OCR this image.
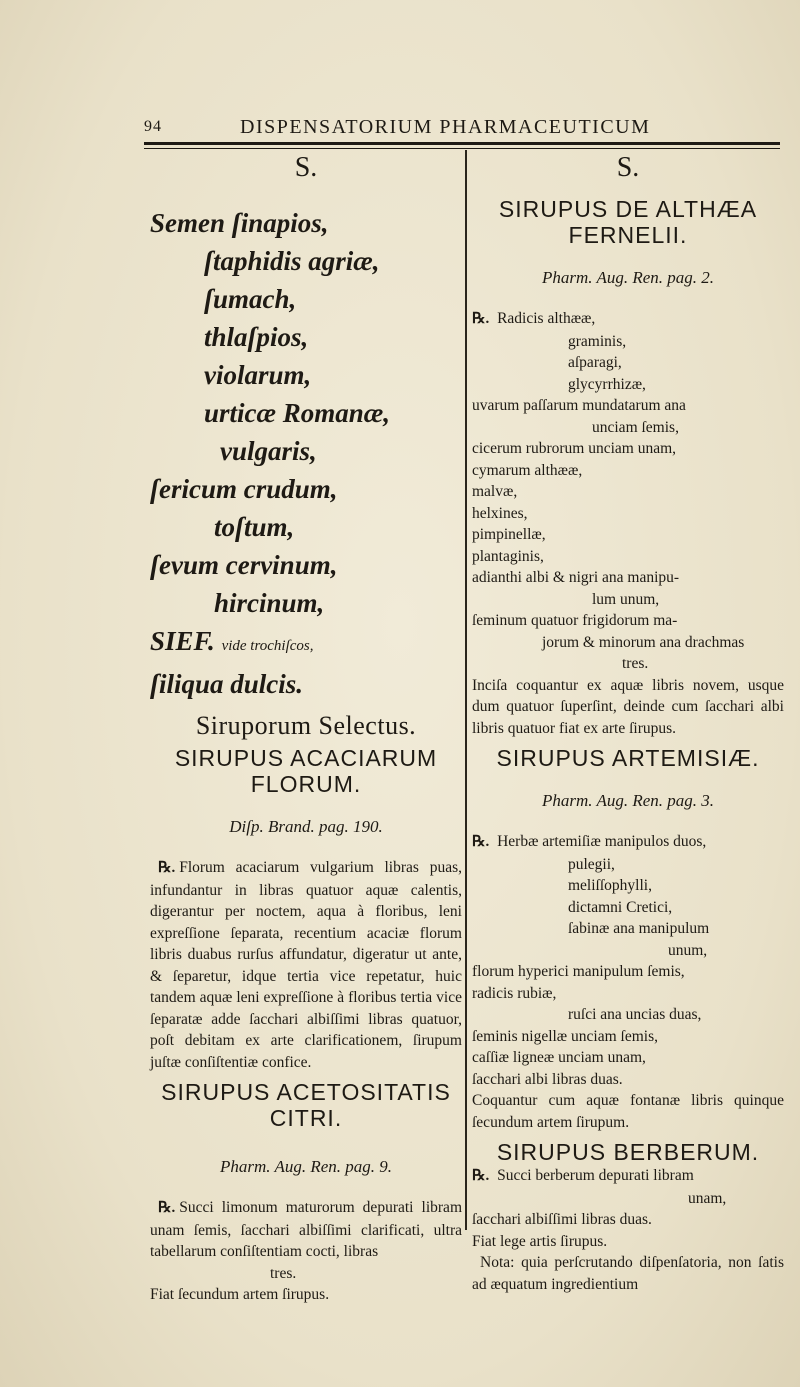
94	DISPENSATORIUM PHARMACEUTICUM

S.

Semen ſinapios,
ſtaphidis agriæ,
ſumach,
thlaſpios,
violarum,
urticæ Romanæ,
vulgaris,
ſericum crudum,
toſtum,
ſevum cervinum,
hircinum,
SIEF. vide trochiſcos,
ſiliqua dulcis.

Siruporum Selectus.

SIRUPUS ACACIARUM

FLORUM.

Diſp. Brand. pag. 190.

℞. Florum acaciarum vulgarium libras puas, infundantur in libras quatuor aquæ calentis, digerantur per noctem, aqua à floribus, leni expreſſione ſeparata, recentium acaciæ florum libris duabus rurſus affundatur, digeratur ut ante, & ſeparetur, idque tertia vice repetatur, huic tandem aquæ leni expreſſione à floribus tertia vice ſeparatæ adde ſacchari albiſſimi libras quatuor, poſt debitam ex arte clarificationem, ſirupum juſtæ conſiſtentiæ confice.

SIRUPUS ACETOSITATIS

CITRI.

Pharm. Aug. Ren. pag. 9.

℞. Succi limonum maturorum depurati libram unam ſemis, ſacchari albiſſimi clarificati, ultra tabellarum conſiſtentiam cocti, libras

tres.

Fiat ſecundum artem ſirupus.

S.

SIRUPUS DE ALTHÆA

FERNELII.

Pharm. Aug. Ren. pag. 2.

℞. Radicis althææ,

graminis,

aſparagi,

glycyrrhizæ,

uvarum paſſarum mundatarum ana

unciam ſemis,

cicerum rubrorum unciam unam,

cymarum althææ,

malvæ,

helxines,

pimpinellæ,

plantaginis,

adianthi albi & nigri ana manipu-

lum unum,

ſeminum quatuor frigidorum ma-

jorum & minorum ana drachmas

tres.

Inciſa coquantur ex aquæ libris novem, usque dum quatuor ſuperſint, deinde cum ſacchari albi libris quatuor fiat ex arte ſirupus.

SIRUPUS ARTEMISIÆ.

Pharm. Aug. Ren. pag. 3.

℞. Herbæ artemiſiæ manipulos duos,

pulegii,

meliſſophylli,

dictamni Cretici,

ſabinæ ana manipulum

unum,

florum hyperici manipulum ſemis,

radicis rubiæ,

ruſci ana uncias duas,

ſeminis nigellæ unciam ſemis,

caſſiæ ligneæ unciam unam,

ſacchari albi libras duas.

Coquantur cum aquæ fontanæ libris quinque ſecundum artem ſirupum.

SIRUPUS BERBERUM.

℞. Succi berberum depurati libram

unam,

ſacchari albiſſimi libras duas.

Fiat lege artis ſirupus.

Nota: quia perſcrutando diſpenſatoria, non ſatis ad æquatum ingredientium
